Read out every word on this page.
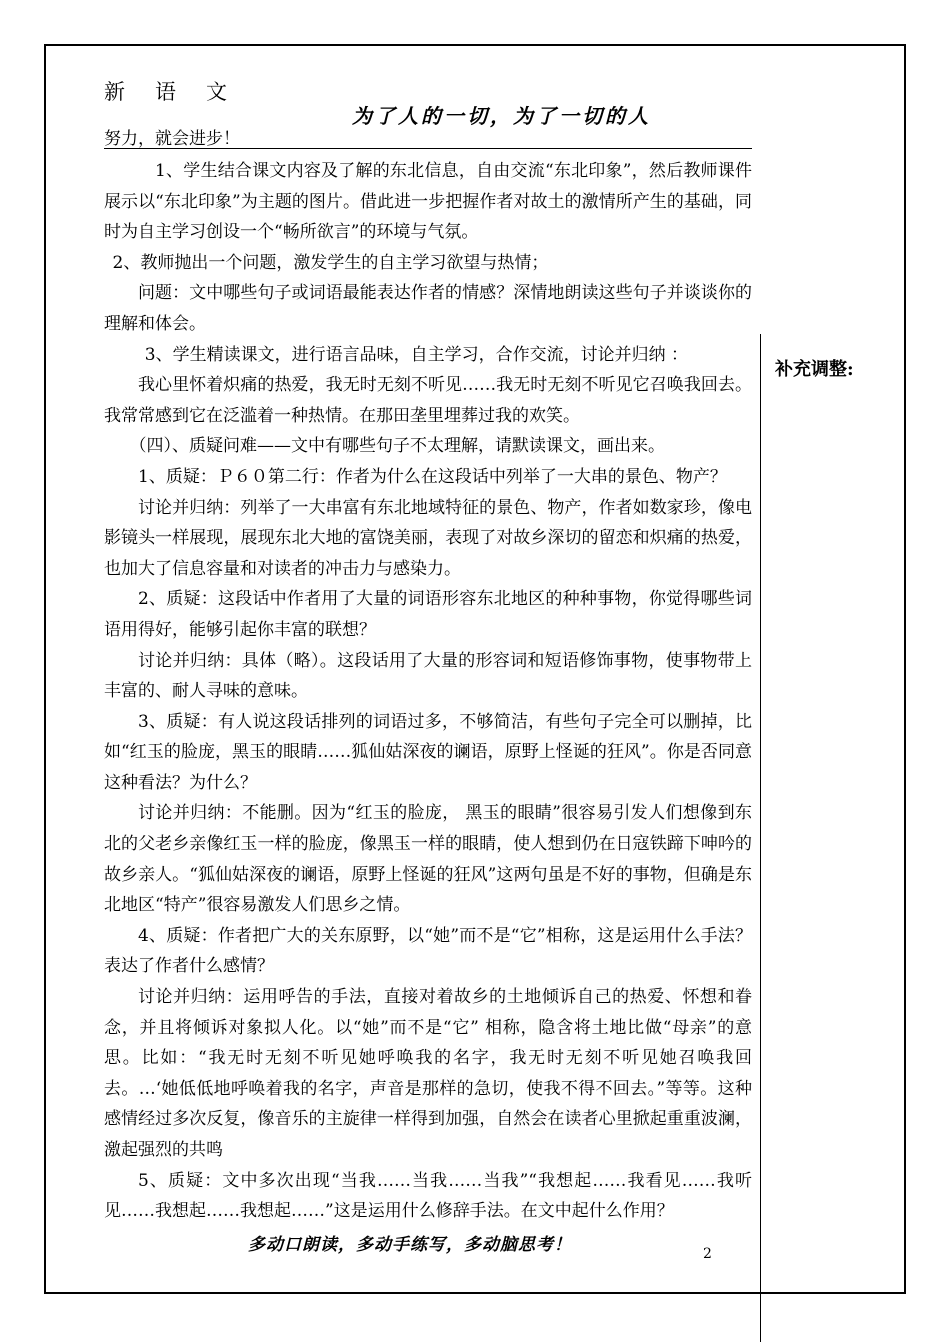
新语文
为了人的一切，为了一切的人
努力，就会进步！
补充调整:

1、学生结合课文内容及了解的东北信息，自由交流“东北印象”，然后教师课件展示以“东北印象”为主题的图片。借此进一步把握作者对故土的激情所产生的基础，同时为自主学习创设一个“畅所欲言”的环境与气氛。

2、教师抛出一个问题，激发学生的自主学习欲望与热情；

问题：文中哪些句子或词语最能表达作者的情感？深情地朗读这些句子并谈谈你的理解和体会。

3、学生精读课文，进行语言品味，自主学习，合作交流，讨论并归纳 ：

我心里怀着炽痛的热爱，我无时无刻不听见……我无时无刻不听见它召唤我回去。我常常感到它在泛滥着一种热情。在那田垄里埋葬过我的欢笑。

（四）、质疑问难——文中有哪些句子不太理解，请默读课文，画出来。

1、质疑：Ｐ６０第二行：作者为什么在这段话中列举了一大串的景色、物产？

讨论并归纳：列举了一大串富有东北地域特征的景色、物产，作者如数家珍，像电影镜头一样展现，展现东北大地的富饶美丽，表现了对故乡深切的留恋和炽痛的热爱，也加大了信息容量和对读者的冲击力与感染力。

2、质疑：这段话中作者用了大量的词语形容东北地区的种种事物，你觉得哪些词语用得好，能够引起你丰富的联想？

讨论并归纳：具体（略）。这段话用了大量的形容词和短语修饰事物，使事物带上丰富的、耐人寻味的意味。

3、质疑：有人说这段话排列的词语过多，不够简洁，有些句子完全可以删掉，比如“红玉的脸庞，黑玉的眼睛……狐仙姑深夜的谰语，原野上怪诞的狂风”。你是否同意这种看法？为什么？

讨论并归纳：不能删。因为“红玉的脸庞， 黑玉的眼睛”很容易引发人们想像到东北的父老乡亲像红玉一样的脸庞，像黑玉一样的眼睛，使人想到仍在日寇铁蹄下呻吟的故乡亲人。“狐仙姑深夜的谰语，原野上怪诞的狂风”这两句虽是不好的事物，但确是东北地区“特产”很容易激发人们思乡之情。

4、质疑：作者把广大的关东原野，以“她”而不是“它”相称，这是运用什么手法？表达了作者什么感情？

讨论并归纳：运用呼告的手法，直接对着故乡的土地倾诉自己的热爱、怀想和眷念，并且将倾诉对象拟人化。以“她”而不是“它” 相称，隐含将土地比做“母亲”的意思。比如：“我无时无刻不听见她呼唤我的名字，我无时无刻不听见她召唤我回去。…‘她低低地呼唤着我的名字，声音是那样的急切，使我不得不回去。”等等。这种感情经过多次反复，像音乐的主旋律一样得到加强，自然会在读者心里掀起重重波澜，激起强烈的共鸣

5、质疑：文中多次出现“当我……当我……当我”“我想起……我看见……我听见……我想起……我想起……”这是运用什么修辞手法。在文中起什么作用？

多动口朗读，多动手练写，多动脑思考！	2
